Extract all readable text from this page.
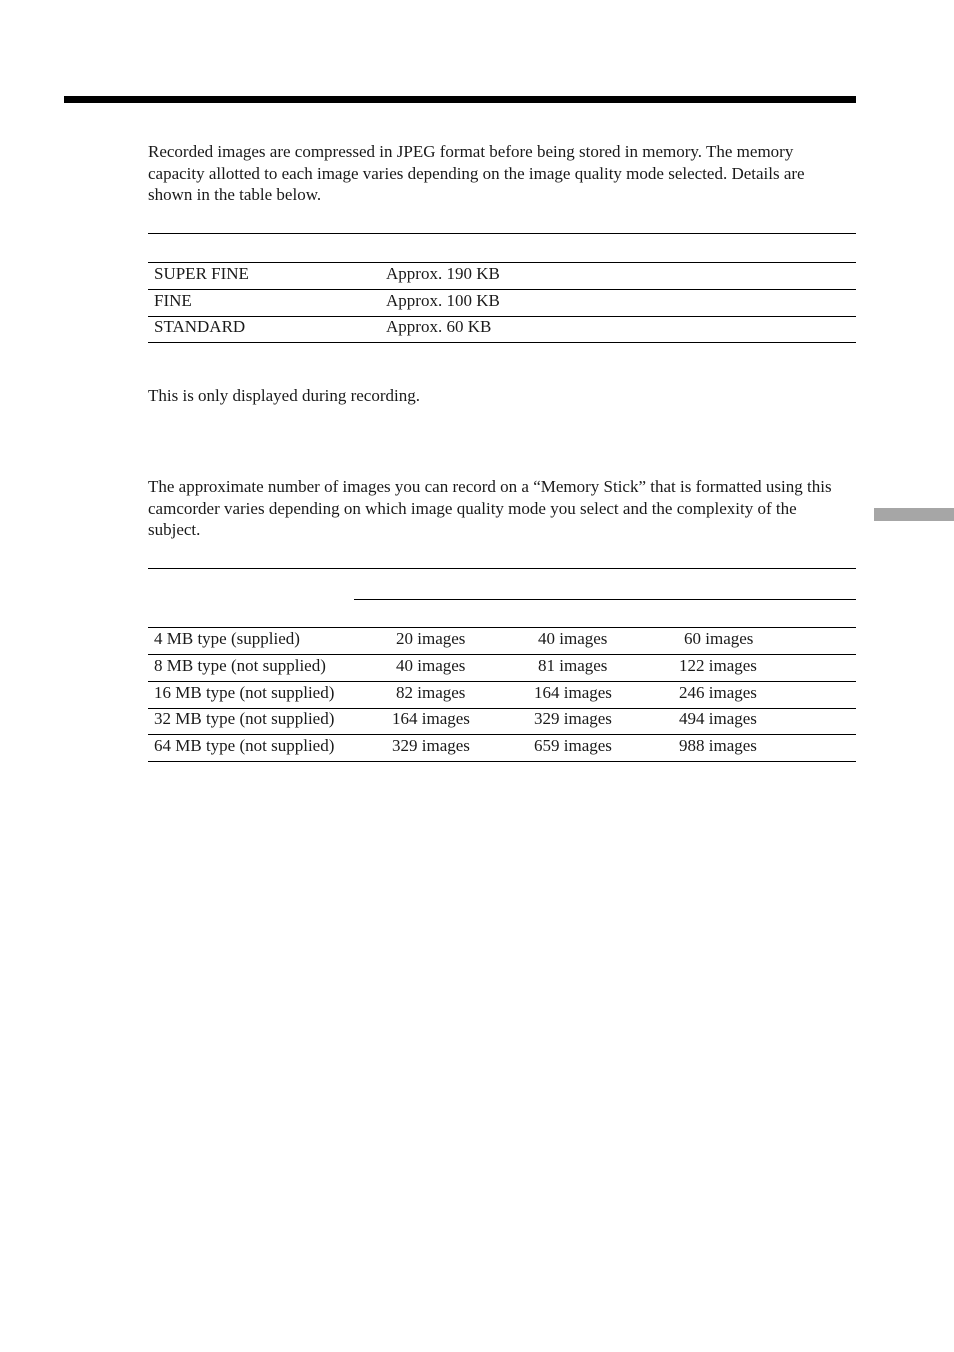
Recorded images are compressed in JPEG format before being stored in memory. The memory capacity allotted to each image varies depending on the image quality mode selected. Details are shown in the table below.

SUPER FINE	Approx. 190 KB
FINE	Approx. 100 KB
STANDARD	Approx. 60 KB

This is only displayed during recording.

The approximate number of images you can record on a “Memory Stick” that is formatted using this camcorder varies depending on which image quality mode you select and the complexity of the subject.

4 MB type (supplied)	20 images	40 images	60 images
8 MB type (not supplied)	40 images	81 images	122 images
16 MB type (not supplied)	82 images	164 images	246 images
32 MB type (not supplied)	164 images	329 images	494 images
64 MB type (not supplied)	329 images	659 images	988 images
